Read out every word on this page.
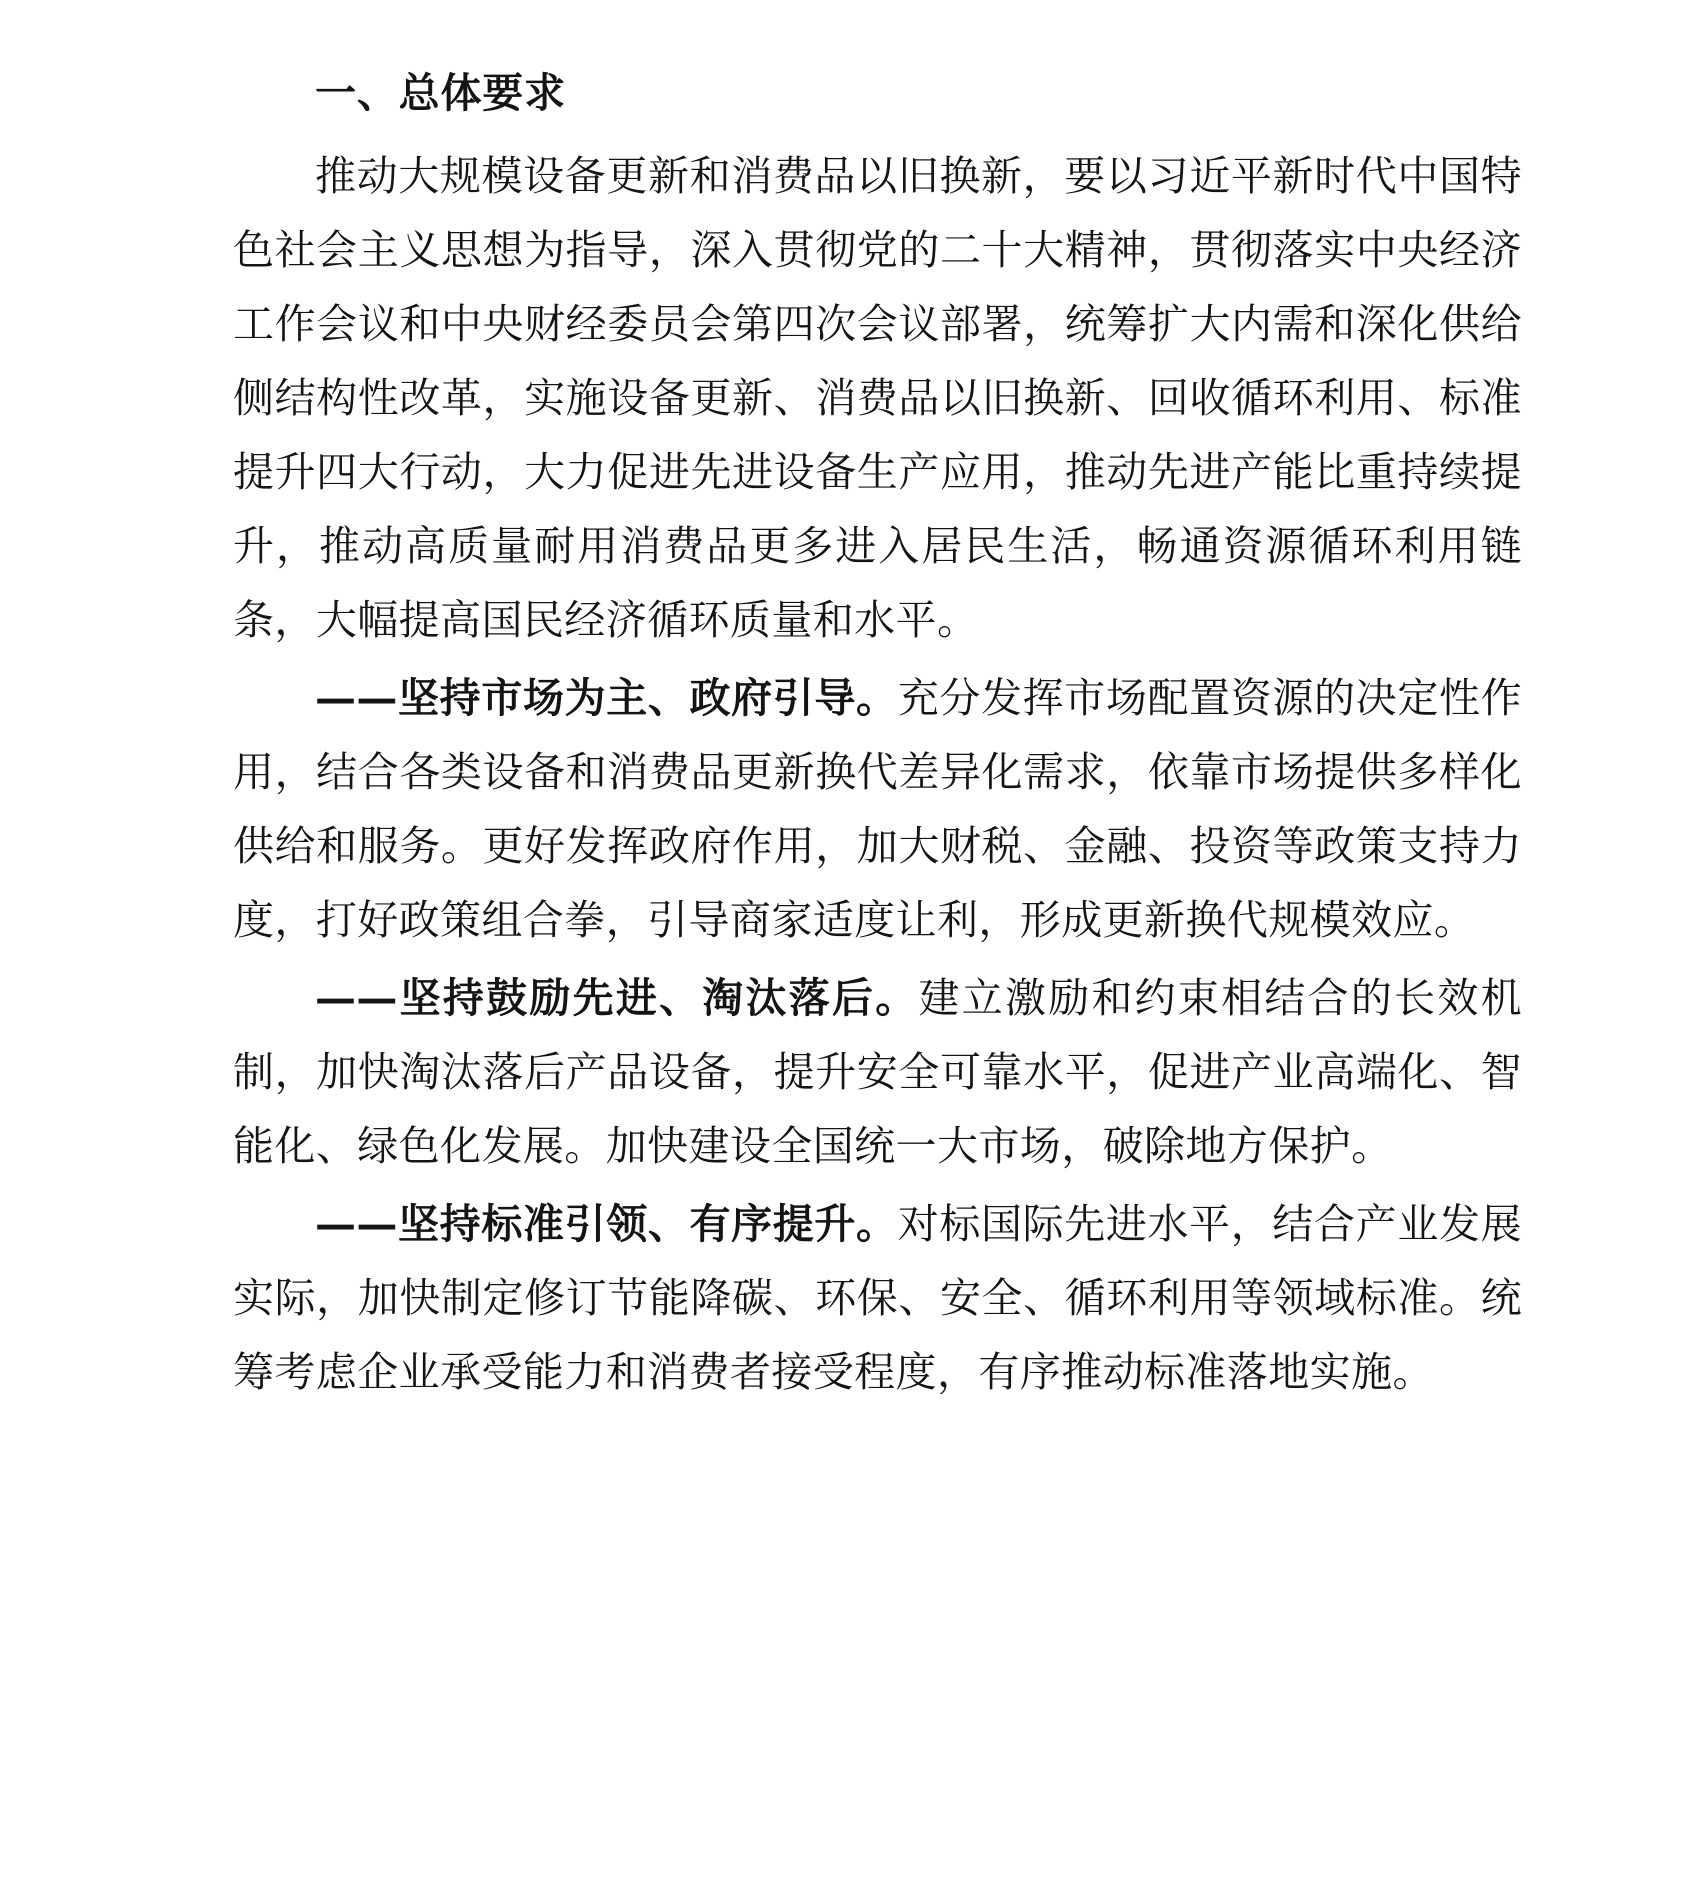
一、总体要求

推动大规模设备更新和消费品以旧换新，要以习近平新时代中国特色社会主义思想为指导，深入贯彻党的二十大精神，贯彻落实中央经济工作会议和中央财经委员会第四次会议部署，统筹扩大内需和深化供给侧结构性改革，实施设备更新、消费品以旧换新、回收循环利用、标准提升四大行动，大力促进先进设备生产应用，推动先进产能比重持续提升，推动高质量耐用消费品更多进入居民生活，畅通资源循环利用链条，大幅提高国民经济循环质量和水平。

——坚持市场为主、政府引导。充分发挥市场配置资源的决定性作用，结合各类设备和消费品更新换代差异化需求，依靠市场提供多样化供给和服务。更好发挥政府作用，加大财税、金融、投资等政策支持力度，打好政策组合拳，引导商家适度让利，形成更新换代规模效应。

——坚持鼓励先进、淘汰落后。建立激励和约束相结合的长效机制，加快淘汰落后产品设备，提升安全可靠水平，促进产业高端化、智能化、绿色化发展。加快建设全国统一大市场，破除地方保护。

——坚持标准引领、有序提升。对标国际先进水平，结合产业发展实际，加快制定修订节能降碳、环保、安全、循环利用等领域标准。统筹考虑企业承受能力和消费者接受程度，有序推动标准落地实施。
